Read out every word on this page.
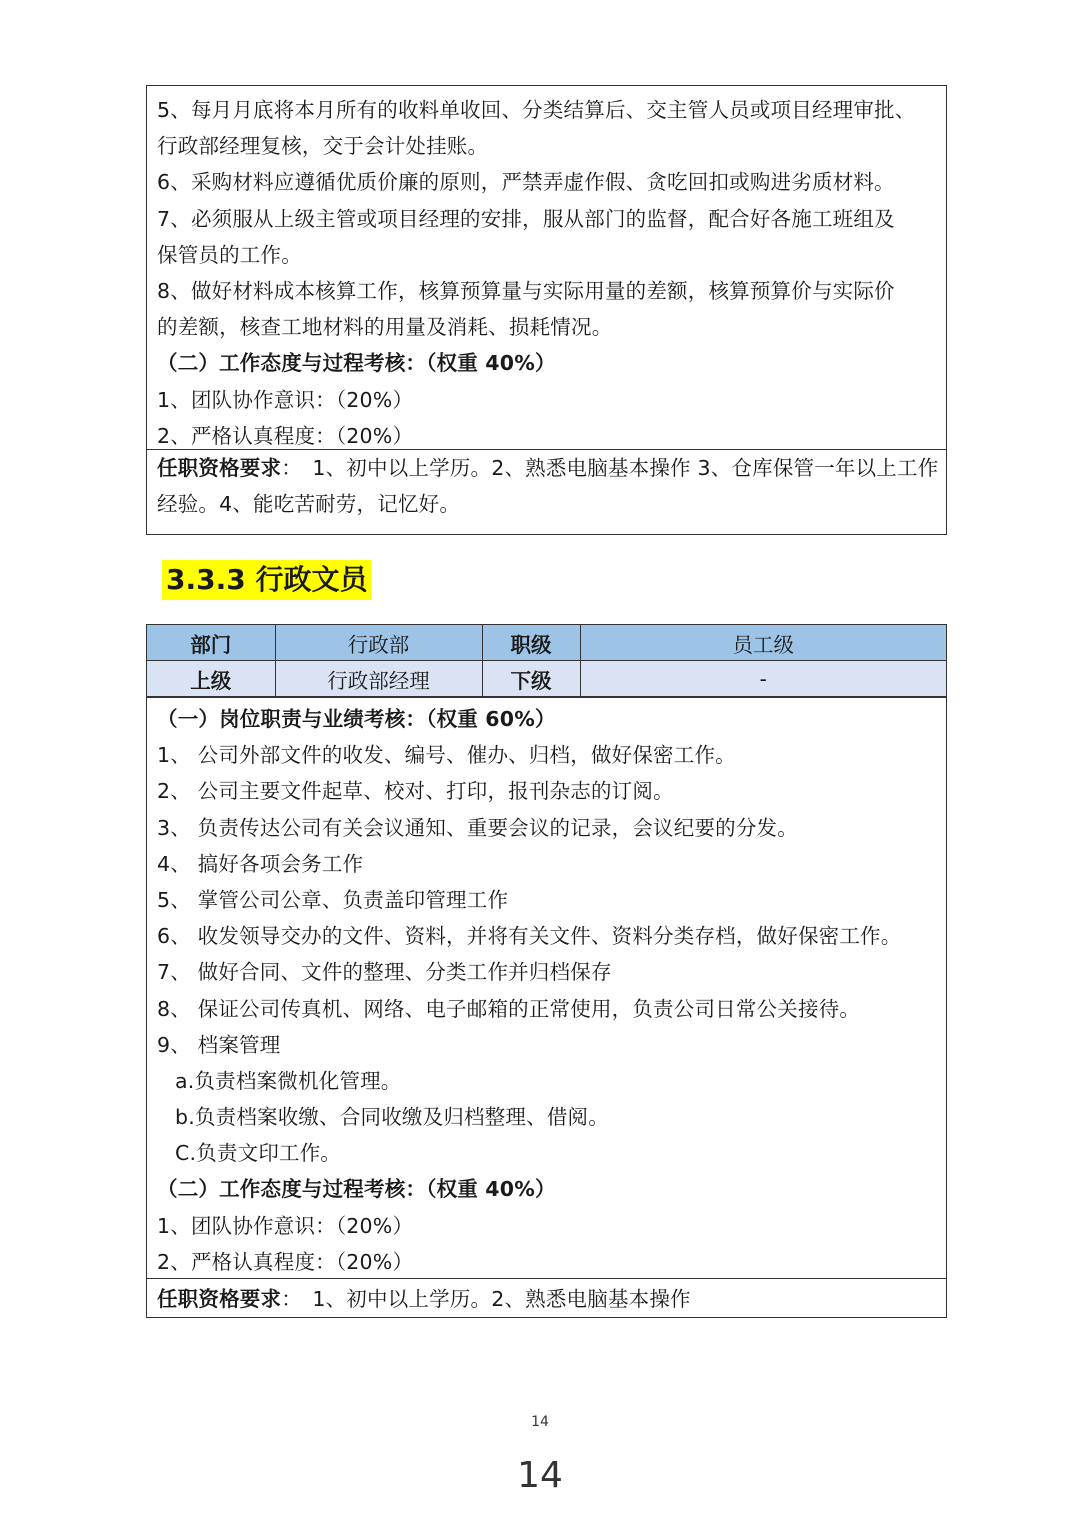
5、每月月底将本月所有的收料单收回、分类结算后、交主管人员或项目经理审批、
行政部经理复核，交于会计处挂账。
6、采购材料应遵循优质价廉的原则，严禁弄虚作假、贪吃回扣或购进劣质材料。
7、必须服从上级主管或项目经理的安排，服从部门的监督，配合好各施工班组及
保管员的工作。
8、做好材料成本核算工作，核算预算量与实际用量的差额，核算预算价与实际价
的差额，核查工地材料的用量及消耗、损耗情况。
（二）工作态度与过程考核：（权重 40%）
1、团队协作意识：（20%）
2、严格认真程度：（20%）
任职资格要求：　1、初中以上学历。2、熟悉电脑基本操作 3、仓库保管一年以上工作经验。4、能吃苦耐劳，记忆好。
3.3.3 行政文员
部门	行政部	职级	员工级
上级	行政部经理	下级	-
（一）岗位职责与业绩考核：（权重 60%）
1、 公司外部文件的收发、编号、催办、归档，做好保密工作。
2、 公司主要文件起草、校对、打印，报刊杂志的订阅。
3、 负责传达公司有关会议通知、重要会议的记录，会议纪要的分发。
4、 搞好各项会务工作
5、 掌管公司公章、负责盖印管理工作
6、 收发领导交办的文件、资料，并将有关文件、资料分类存档，做好保密工作。
7、 做好合同、文件的整理、分类工作并归档保存
8、 保证公司传真机、网络、电子邮箱的正常使用，负责公司日常公关接待。
9、 档案管理
a.负责档案微机化管理。
b.负责档案收缴、合同收缴及归档整理、借阅。
C.负责文印工作。
（二）工作态度与过程考核：（权重 40%）
1、团队协作意识：（20%）
2、严格认真程度：（20%）
任职资格要求：　1、初中以上学历。2、熟悉电脑基本操作
14
14
